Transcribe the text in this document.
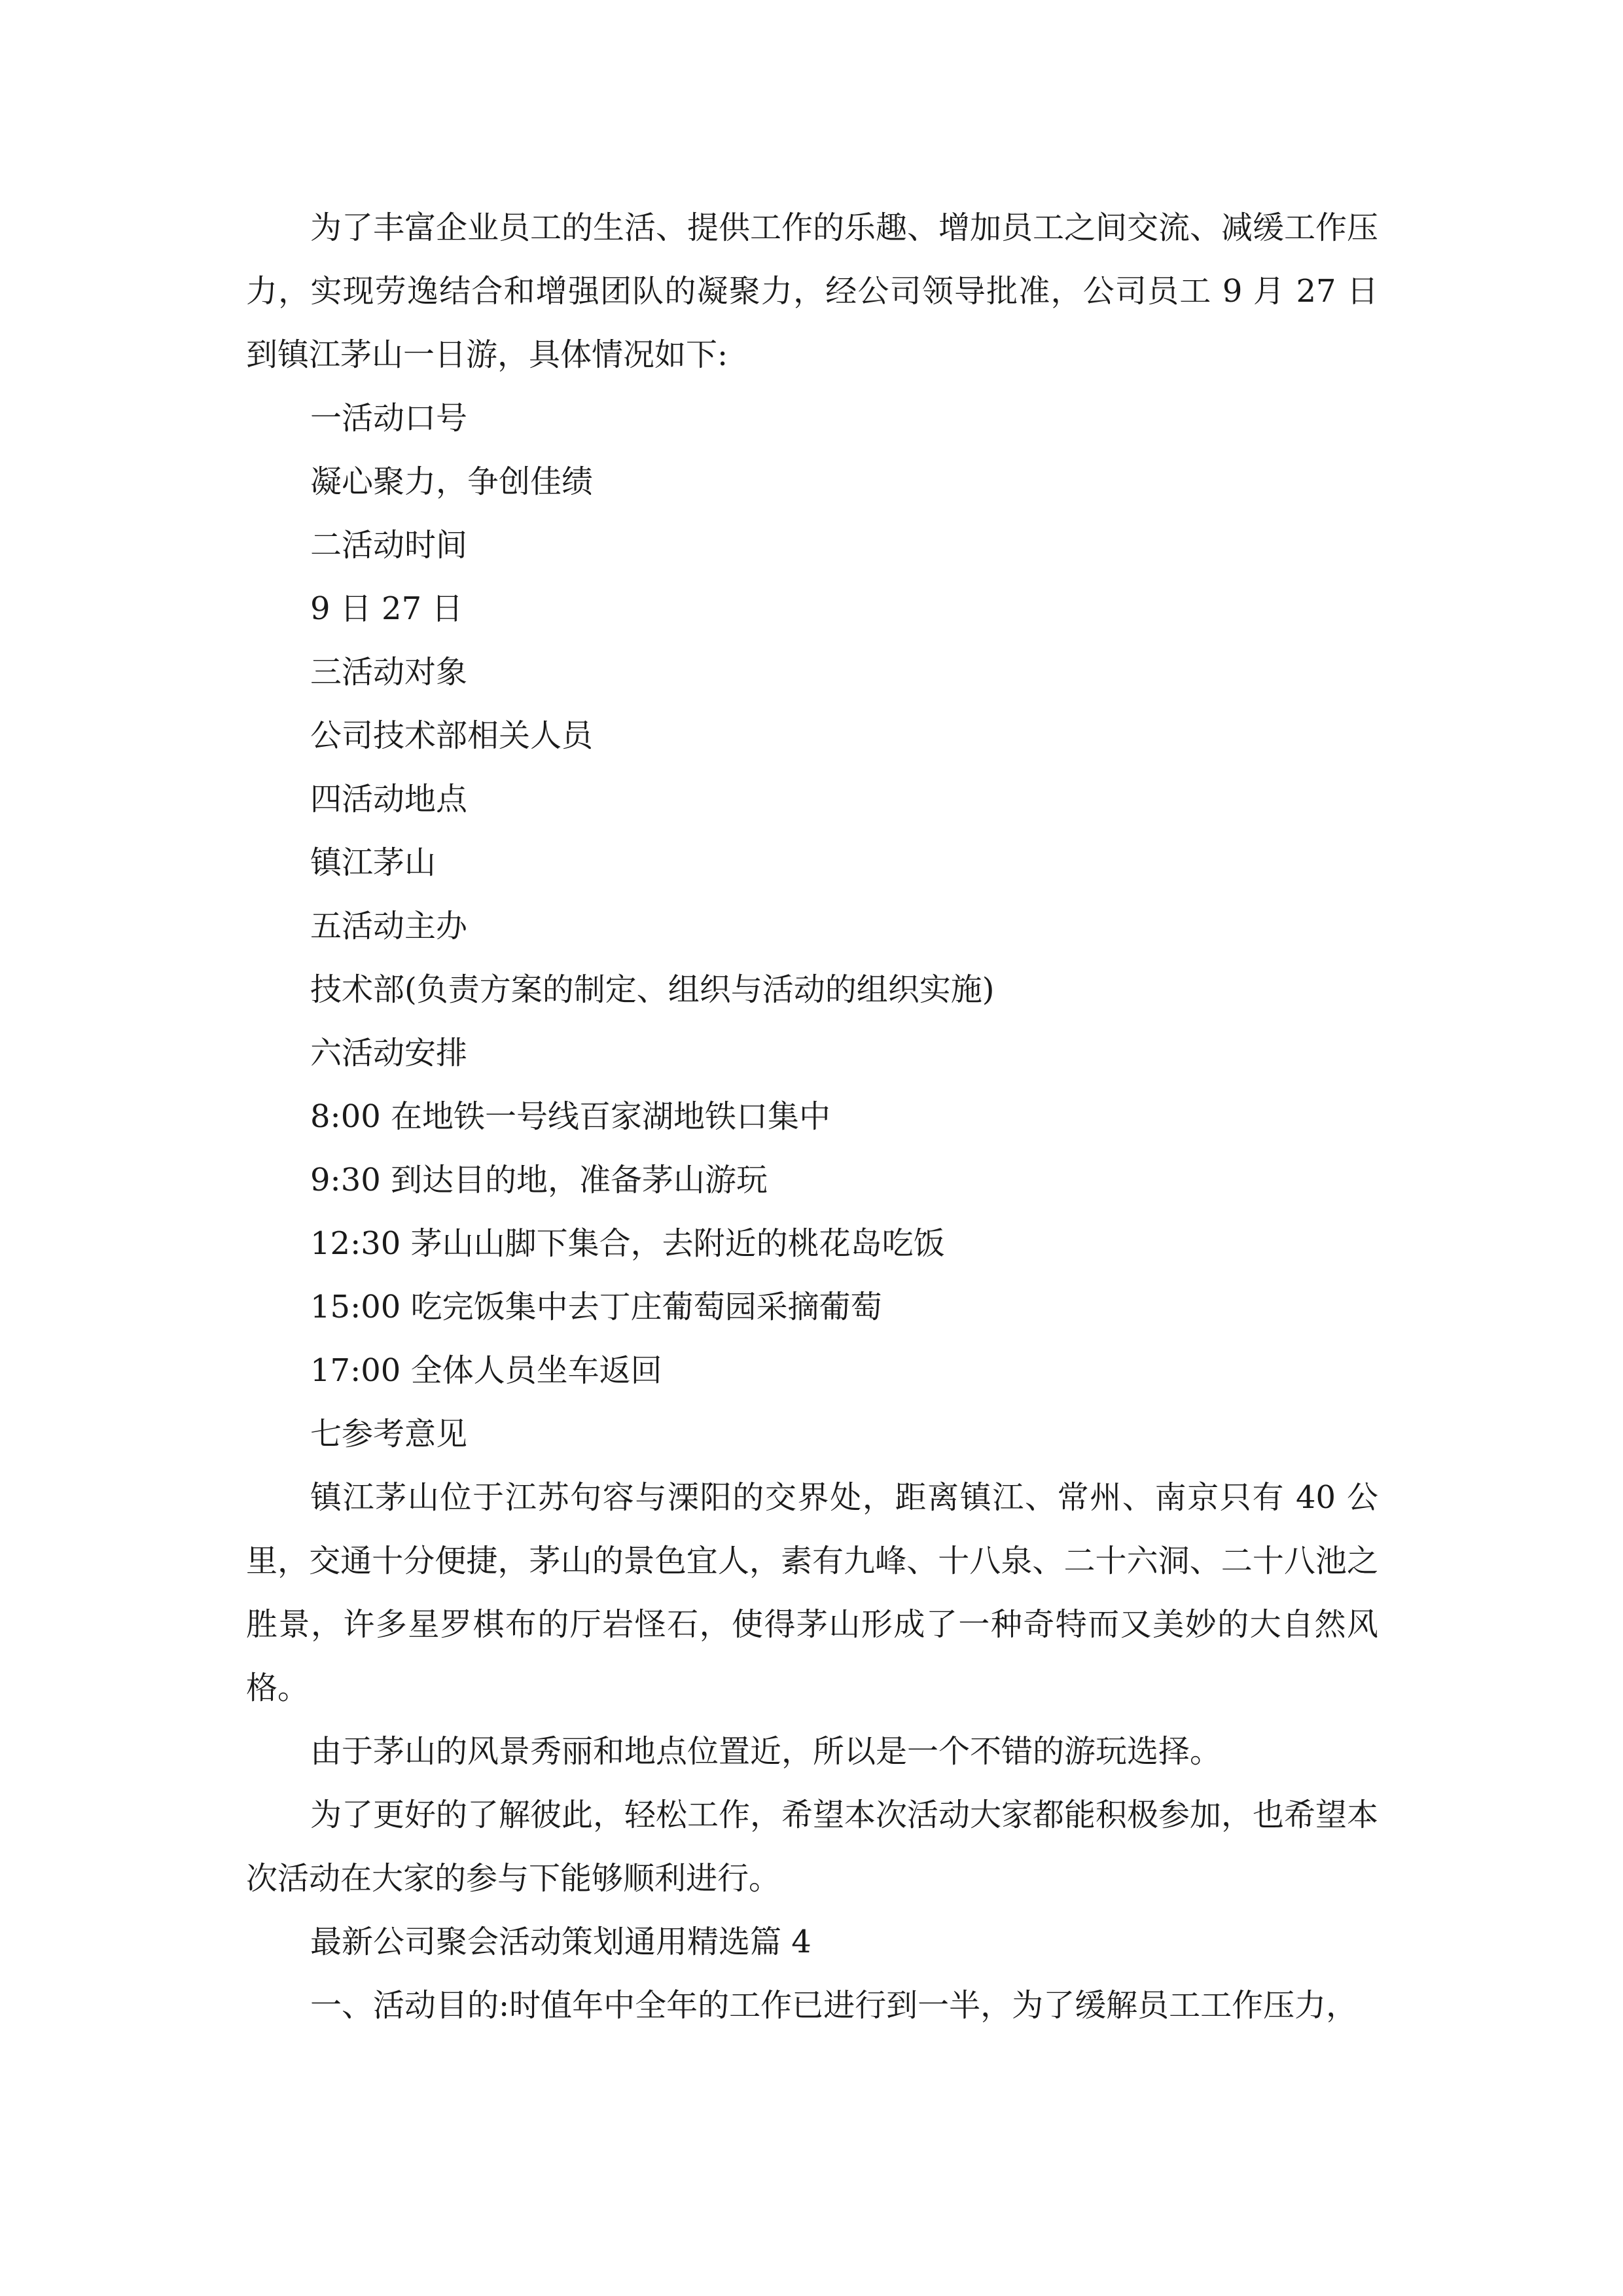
为了丰富企业员工的生活、提供工作的乐趣、增加员工之间交流、减缓工作压力，实现劳逸结合和增强团队的凝聚力，经公司领导批准，公司员工 9 月 27 日到镇江茅山一日游，具体情况如下:

一活动口号

凝心聚力，争创佳绩

二活动时间

9 日 27 日

三活动对象

公司技术部相关人员

四活动地点

镇江茅山

五活动主办

技术部(负责方案的制定、组织与活动的组织实施)

六活动安排

8:00 在地铁一号线百家湖地铁口集中

9:30 到达目的地，准备茅山游玩

12:30 茅山山脚下集合，去附近的桃花岛吃饭

15:00 吃完饭集中去丁庄葡萄园采摘葡萄

17:00 全体人员坐车返回

七参考意见

镇江茅山位于江苏句容与溧阳的交界处，距离镇江、常州、南京只有 40 公里，交通十分便捷，茅山的景色宜人，素有九峰、十八泉、二十六洞、二十八池之胜景，许多星罗棋布的厅岩怪石，使得茅山形成了一种奇特而又美妙的大自然风格。

由于茅山的风景秀丽和地点位置近，所以是一个不错的游玩选择。

为了更好的了解彼此，轻松工作，希望本次活动大家都能积极参加，也希望本次活动在大家的参与下能够顺利进行。

最新公司聚会活动策划通用精选篇 4

一、活动目的:时值年中全年的工作已进行到一半，为了缓解员工工作压力，
